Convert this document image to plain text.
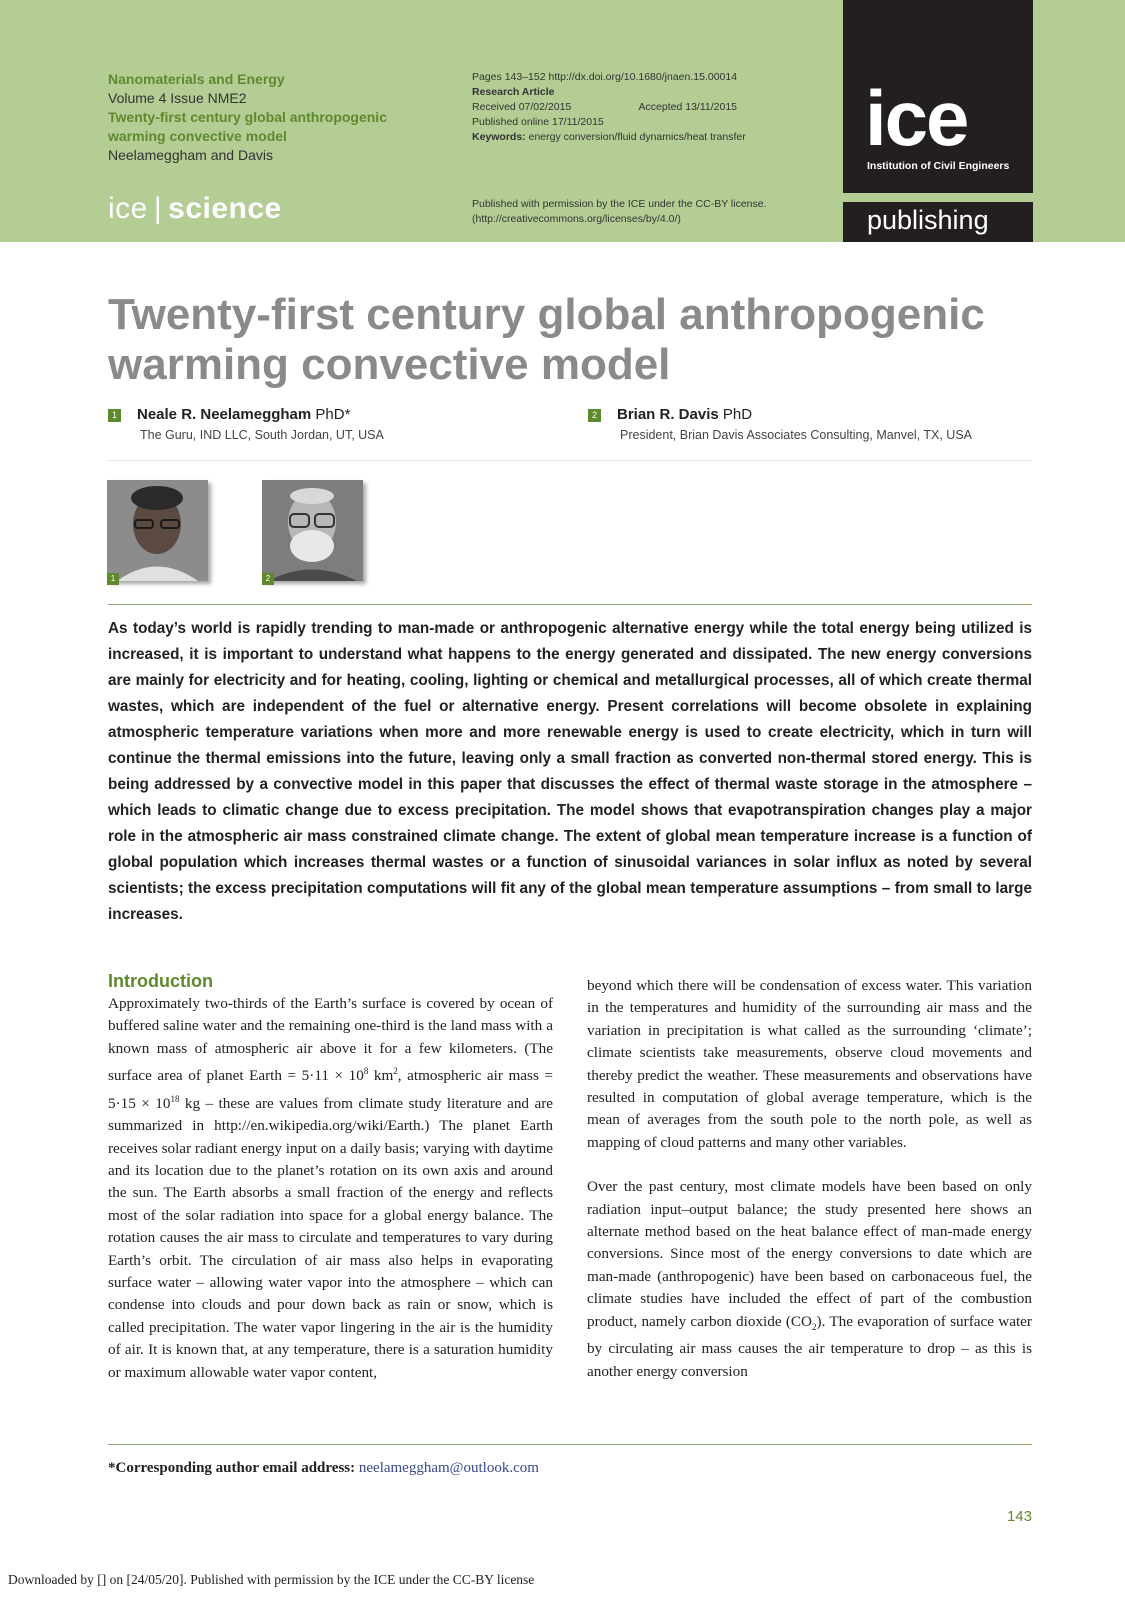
Nanomaterials and Energy
Volume 4 Issue NME2
Twenty-first century global anthropogenic
warming convective model
Neelameggham and Davis
ice | science
Pages 143–152 http://dx.doi.org/10.1680/jnaen.15.00014
Research Article
Received 07/02/2015	Accepted 13/11/2015
Published online 17/11/2015
Keywords: energy conversion/fluid dynamics/heat transfer
Published with permission by the ICE under the CC-BY license.
(http://creativecommons.org/licenses/by/4.0/)
ice
Institution of Civil Engineers
publishing
Twenty-first century global anthropogenic warming convective model
1 Neale R. Neelameggham PhD*
The Guru, IND LLC, South Jordan, UT, USA
2 Brian R. Davis PhD
President, Brian Davis Associates Consulting, Manvel, TX, USA
1	2

As today’s world is rapidly trending to man-made or anthropogenic alternative energy while the total energy being utilized is increased, it is important to understand what happens to the energy generated and dissipated. The new energy conversions are mainly for electricity and for heating, cooling, lighting or chemical and metallurgical processes, all of which create thermal wastes, which are independent of the fuel or alternative energy. Present correlations will become obsolete in explaining atmospheric temperature variations when more and more renewable energy is used to create electricity, which in turn will continue the thermal emissions into the future, leaving only a small fraction as converted non-thermal stored energy. This is being addressed by a convective model in this paper that discusses the effect of thermal waste storage in the atmosphere – which leads to climatic change due to excess precipitation. The model shows that evapotranspiration changes play a major role in the atmospheric air mass constrained climate change. The extent of global mean temperature increase is a function of global population which increases thermal wastes or a function of sinusoidal variances in solar influx as noted by several scientists; the excess precipitation computations will fit any of the global mean temperature assumptions – from small to large increases.

Introduction

Approximately two-thirds of the Earth’s surface is covered by ocean of buffered saline water and the remaining one-third is the land mass with a known mass of atmospheric air above it for a few kilometers. (The surface area of planet Earth = $5\cdot 11 \times 10^8$ $km^2$, atmospheric air mass = $5\cdot 15 \times 10^{18}$ kg – these are values from climate study literature and are summarized in http://en.wikipedia.org/wiki/Earth.) The planet Earth receives solar radiant energy input on a daily basis; varying with daytime and its location due to the planet’s rotation on its own axis and around the sun. The Earth absorbs a small fraction of the energy and reflects most of the solar radiation into space for a global energy balance. The rotation causes the air mass to circulate and temperatures to vary during Earth’s orbit. The circulation of air mass also helps in evaporating surface water – allowing water vapor into the atmosphere – which can condense into clouds and pour down back as rain or snow, which is called precipitation. The water vapor lingering in the air is the humidity of air. It is known that, at any temperature, there is a saturation humidity or maximum allowable water vapor content,

beyond which there will be condensation of excess water. This variation in the temperatures and humidity of the surrounding air mass and the variation in precipitation is what called as the surrounding ‘climate’; climate scientists take measurements, observe cloud movements and thereby predict the weather. These measurements and observations have resulted in computation of global average temperature, which is the mean of averages from the south pole to the north pole, as well as mapping of cloud patterns and many other variables.

Over the past century, most climate models have been based on only radiation input–output balance; the study presented here shows an alternate method based on the heat balance effect of man-made energy conversions. Since most of the energy conversions to date which are man-made (anthropogenic) have been based on carbonaceous fuel, the climate studies have included the effect of part of the combustion product, namely carbon dioxide $(CO_2)$. The evaporation of surface water by circulating air mass causes the air temperature to drop – as this is another energy conversion

*Corresponding author email address: neelameggham@outlook.com
143
Downloaded by [] on [24/05/20]. Published with permission by the ICE under the CC-BY license
